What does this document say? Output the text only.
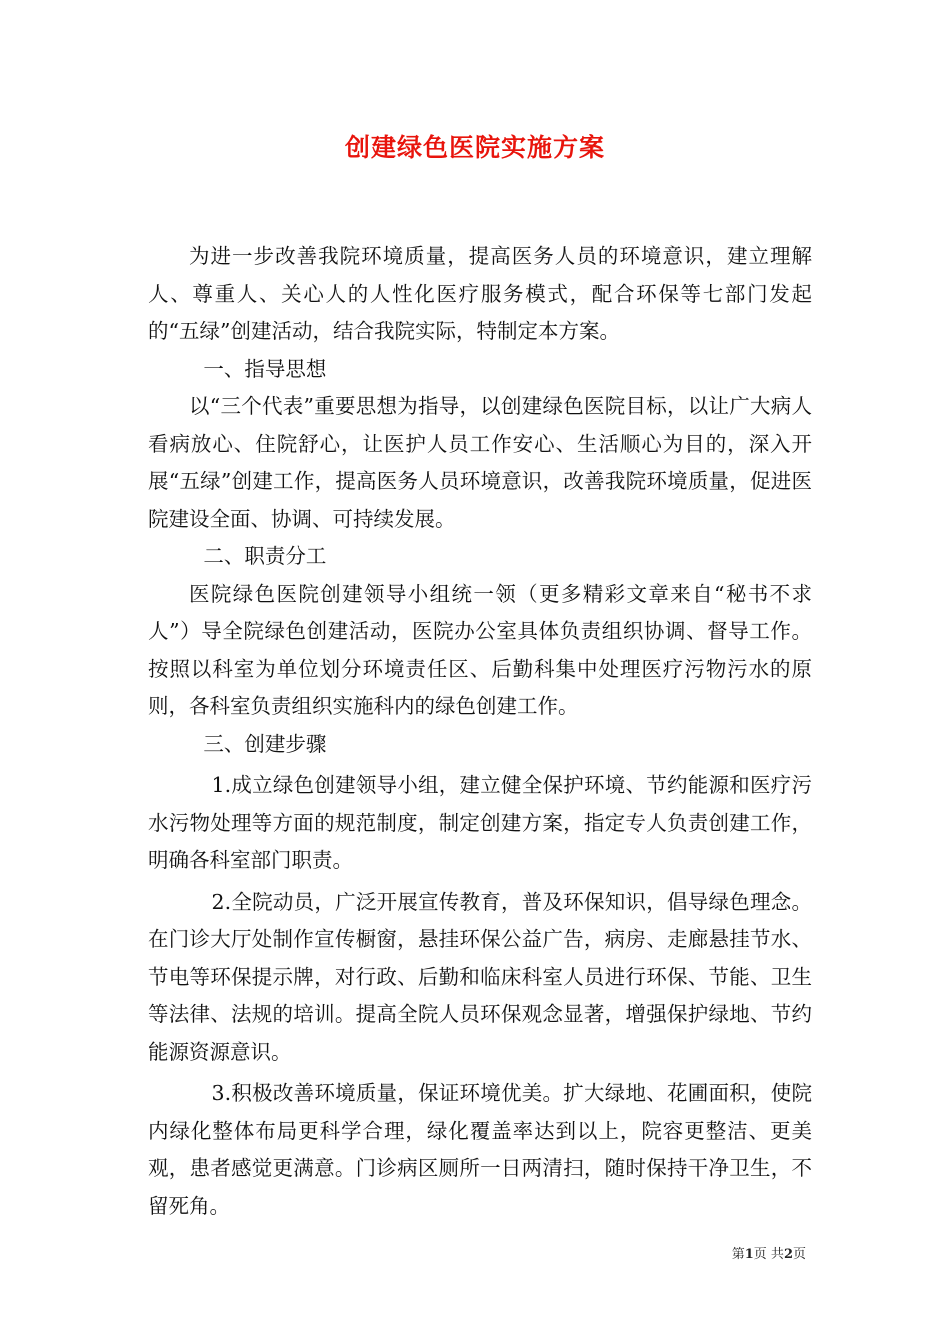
创建绿色医院实施方案

为进一步改善我院环境质量，提高医务人员的环境意识，建立理解人、尊重人、关心人的人性化医疗服务模式，配合环保等七部门发起的“五绿”创建活动，结合我院实际，特制定本方案。

一、指导思想

以“三个代表”重要思想为指导，以创建绿色医院目标，以让广大病人看病放心、住院舒心，让医护人员工作安心、生活顺心为目的，深入开展“五绿”创建工作，提高医务人员环境意识，改善我院环境质量，促进医院建设全面、协调、可持续发展。

二、职责分工

医院绿色医院创建领导小组统一领（更多精彩文章来自“秘书不求人”）导全院绿色创建活动，医院办公室具体负责组织协调、督导工作。按照以科室为单位划分环境责任区、后勤科集中处理医疗污物污水的原则，各科室负责组织实施科内的绿色创建工作。

三、创建步骤

1.成立绿色创建领导小组，建立健全保护环境、节约能源和医疗污水污物处理等方面的规范制度，制定创建方案，指定专人负责创建工作，明确各科室部门职责。

2.全院动员，广泛开展宣传教育，普及环保知识，倡导绿色理念。在门诊大厅处制作宣传橱窗，悬挂环保公益广告，病房、走廊悬挂节水、节电等环保提示牌，对行政、后勤和临床科室人员进行环保、节能、卫生等法律、法规的培训。提高全院人员环保观念显著，增强保护绿地、节约能源资源意识。

3.积极改善环境质量，保证环境优美。扩大绿地、花圃面积，使院内绿化整体布局更科学合理，绿化覆盖率达到以上，院容更整洁、更美观，患者感觉更满意。门诊病区厕所一日两清扫，随时保持干净卫生，不留死角。

第1页 共2页
